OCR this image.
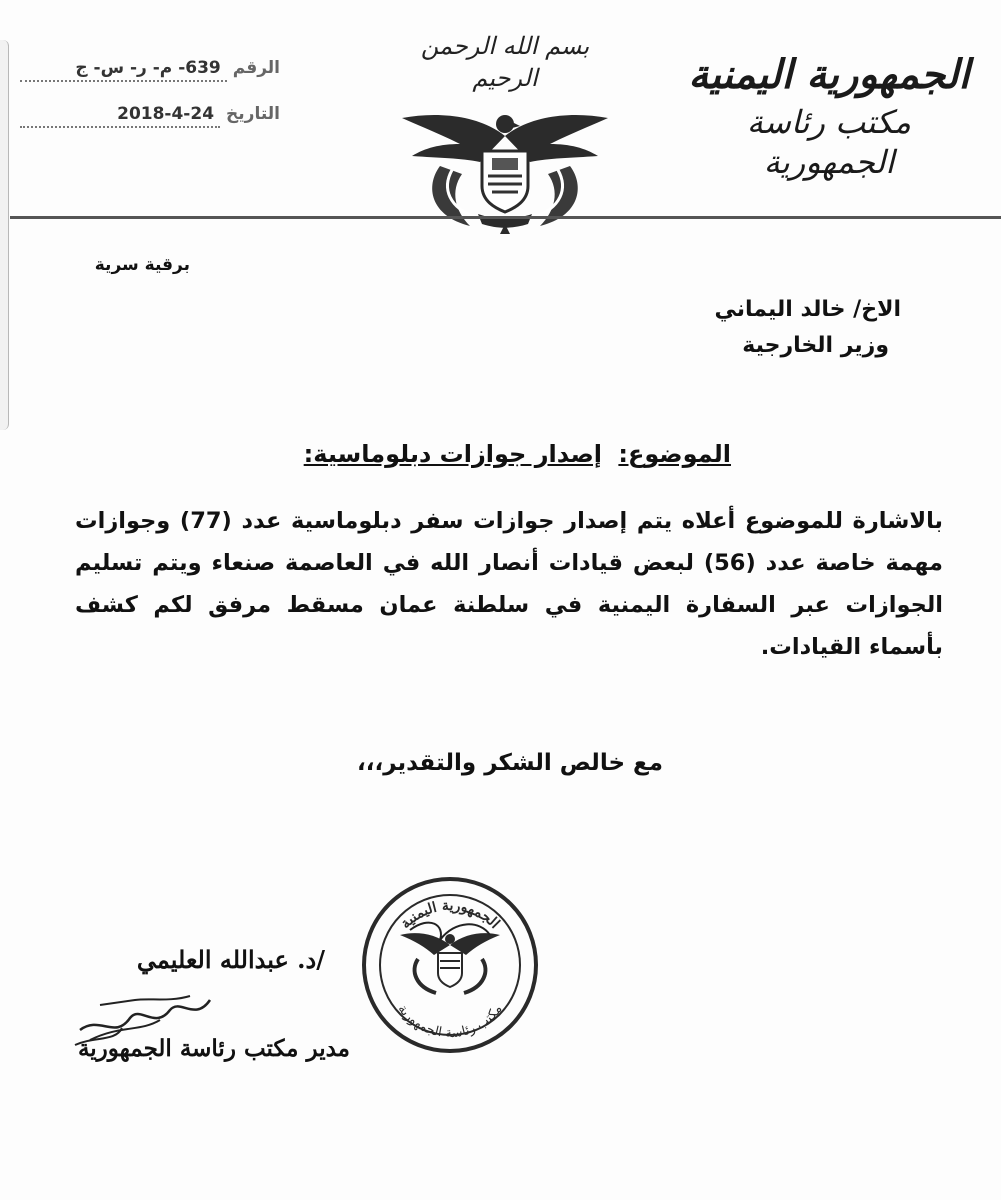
الجمهورية اليمنية
مكتب رئاسة الجمهورية
بسم الله الرحمن الرحيم
الرقم
639- م- ر- س- ج
التاريخ
2018-4-24
برقية سرية
الاخ/ خالد اليماني
وزير الخارجية
الموضوع: إصدار جوازات دبلوماسية:

بالاشارة للموضوع أعلاه يتم إصدار جوازات سفر دبلوماسية عدد (77) وجوازات مهمة خاصة عدد (56) لبعض قيادات أنصار الله في العاصمة صنعاء ويتم تسليم الجوازات عبر السفارة اليمنية في سلطنة عمان مسقط مرفق لكم كشف بأسماء القيادات.

مع خالص الشكر والتقدير،،،
الجمهورية اليمنية
مكتب رئاسة الجمهورية
/د. عبدالله العليمي
مدير مكتب رئاسة الجمهورية
